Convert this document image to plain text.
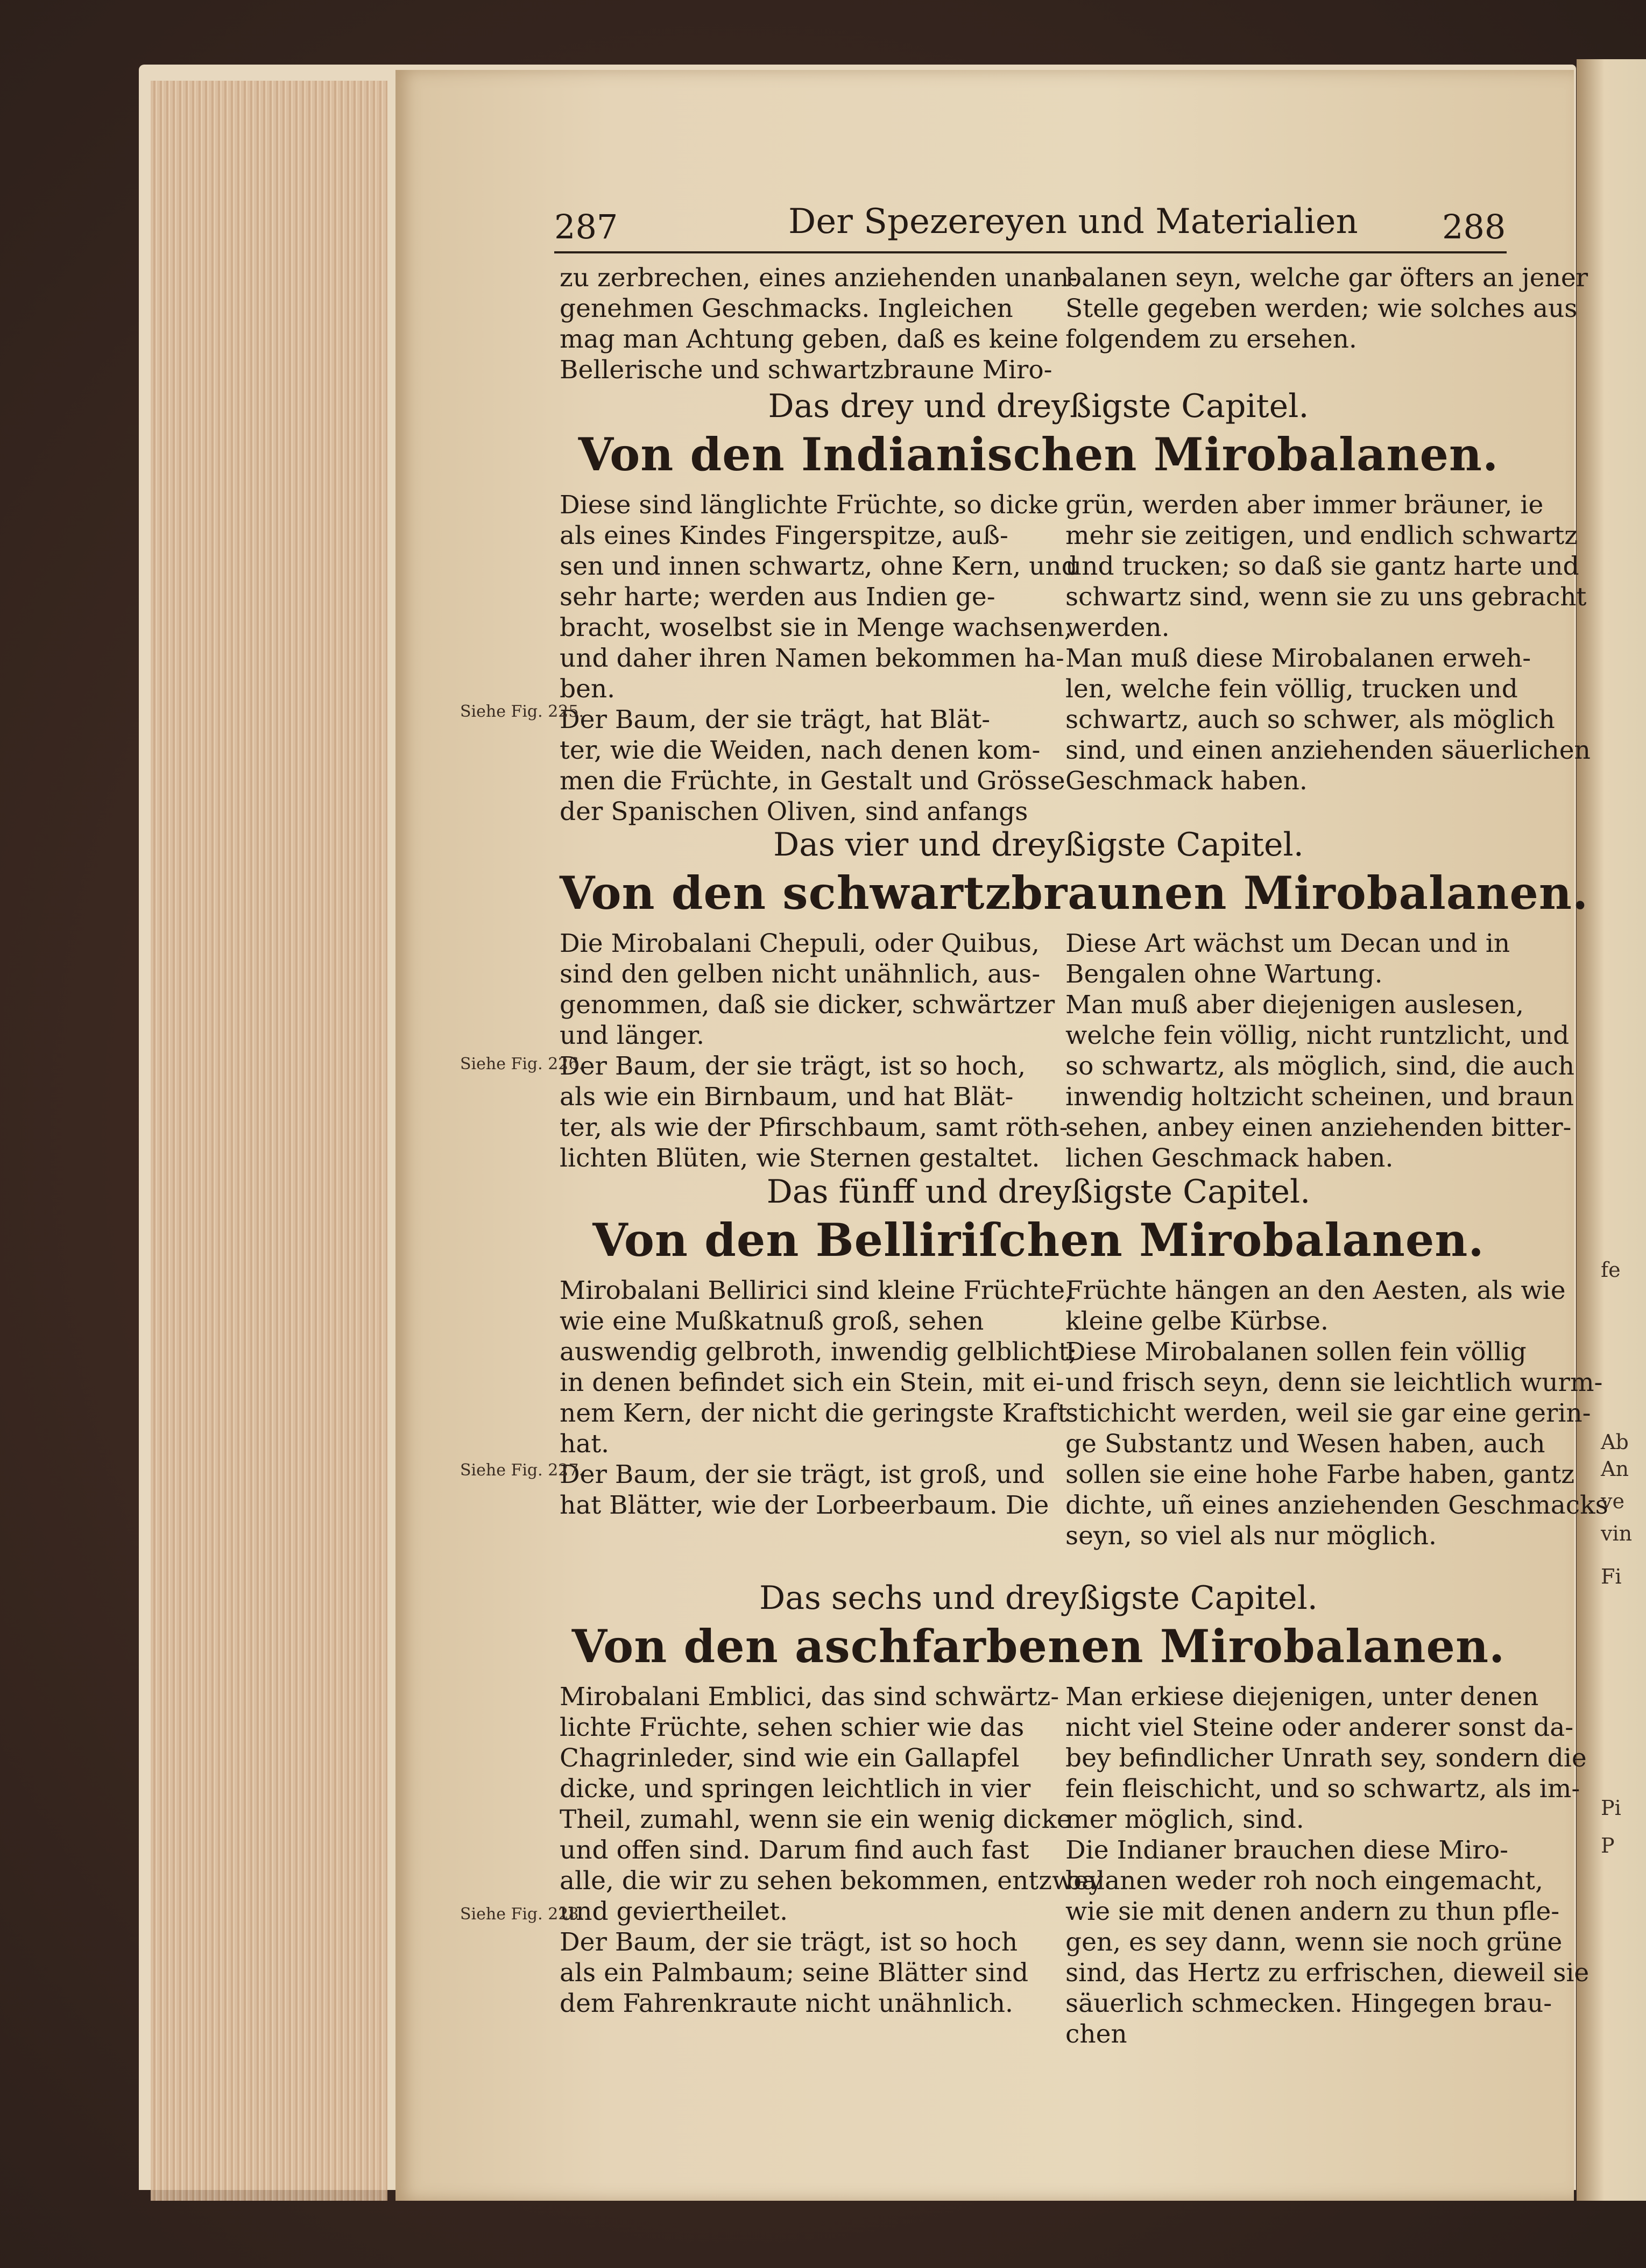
287	Der Spezereyen und Materialien	288
zu zerbrechen, eines anziehenden unan-
genehmen Geschmacks. Ingleichen
mag man Achtung geben, daß es keine
Bellerische und schwartzbraune Miro-
balanen seyn, welche gar öfters an jener
Stelle gegeben werden; wie solches aus
folgendem zu ersehen.
Das drey und dreyßigste Capitel.
Von den Indianischen Mirobalanen.
Diese sind länglichte Früchte, so dicke
als eines Kindes Fingerspitze, auß-
sen und innen schwartz, ohne Kern, und
sehr harte; werden aus Indien ge-
bracht, woselbst sie in Menge wachsen,
und daher ihren Namen bekommen ha-
ben.
Der Baum, der sie trägt, hat Blät-
ter, wie die Weiden, nach denen kom-
men die Früchte, in Gestalt und Grösse
der Spanischen Oliven, sind anfangs
grün, werden aber immer bräuner, ie
mehr sie zeitigen, und endlich schwartz
und trucken; so daß sie gantz harte und
schwartz sind, wenn sie zu uns gebracht
werden.
Man muß diese Mirobalanen erweh-
len, welche fein völlig, trucken und
schwartz, auch so schwer, als möglich
sind, und einen anziehenden säuerlichen
Geschmack haben.
Siehe Fig. 225.
Das vier und dreyßigste Capitel.
Von den schwartzbraunen Mirobalanen.
Die Mirobalani Chepuli, oder Quibus,
sind den gelben nicht unähnlich, aus-
genommen, daß sie dicker, schwärtzer
und länger.
Der Baum, der sie trägt, ist so hoch,
als wie ein Birnbaum, und hat Blät-
ter, als wie der Pfirschbaum, samt röth-
lichten Blüten, wie Sternen gestaltet.
Diese Art wächst um Decan und in
Bengalen ohne Wartung.
Man muß aber diejenigen auslesen,
welche fein völlig, nicht runtzlicht, und
so schwartz, als möglich, sind, die auch
inwendig holtzicht scheinen, und braun
sehen, anbey einen anziehenden bitter-
lichen Geschmack haben.
Siehe Fig. 226.
Das fünff und dreyßigste Capitel.
Von den Belliriſchen Mirobalanen.
Mirobalani Bellirici sind kleine Früchte,
wie eine Mußkatnuß groß, sehen
auswendig gelbroth, inwendig gelblicht;
in denen befindet sich ein Stein, mit ei-
nem Kern, der nicht die geringste Kraft
hat.
Der Baum, der sie trägt, ist groß, und
hat Blätter, wie der Lorbeerbaum. Die
Früchte hängen an den Aesten, als wie
kleine gelbe Kürbse.
Diese Mirobalanen sollen fein völlig
und frisch seyn, denn sie leichtlich wurm-
stichicht werden, weil sie gar eine gerin-
ge Substantz und Wesen haben, auch
sollen sie eine hohe Farbe haben, gantz
dichte, uñ eines anziehenden Geschmacks
seyn, so viel als nur möglich.
Siehe Fig. 227.
Das sechs und dreyßigste Capitel.
Von den aschfarbenen Mirobalanen.
Mirobalani Emblici, das sind schwärtz-
lichte Früchte, sehen schier wie das
Chagrinleder, sind wie ein Gallapfel
dicke, und springen leichtlich in vier
Theil, zumahl, wenn sie ein wenig dicke
und offen sind. Darum find auch fast
alle, die wir zu sehen bekommen, entzwey
und geviertheilet.
Der Baum, der sie trägt, ist so hoch
als ein Palmbaum; seine Blätter sind
dem Fahrenkraute nicht unähnlich.
Man erkiese diejenigen, unter denen
nicht viel Steine oder anderer sonst da-
bey befindlicher Unrath sey, sondern die
fein fleischicht, und so schwartz, als im-
mer möglich, sind.
Die Indianer brauchen diese Miro-
balanen weder roh noch eingemacht,
wie sie mit denen andern zu thun pfle-
gen, es sey dann, wenn sie noch grüne
sind, das Hertz zu erfrischen, dieweil sie
säuerlich schmecken. Hingegen brau-
chen
Siehe Fig. 228.
fe
Ab
An
ve
vin
Fi
Pi
P
